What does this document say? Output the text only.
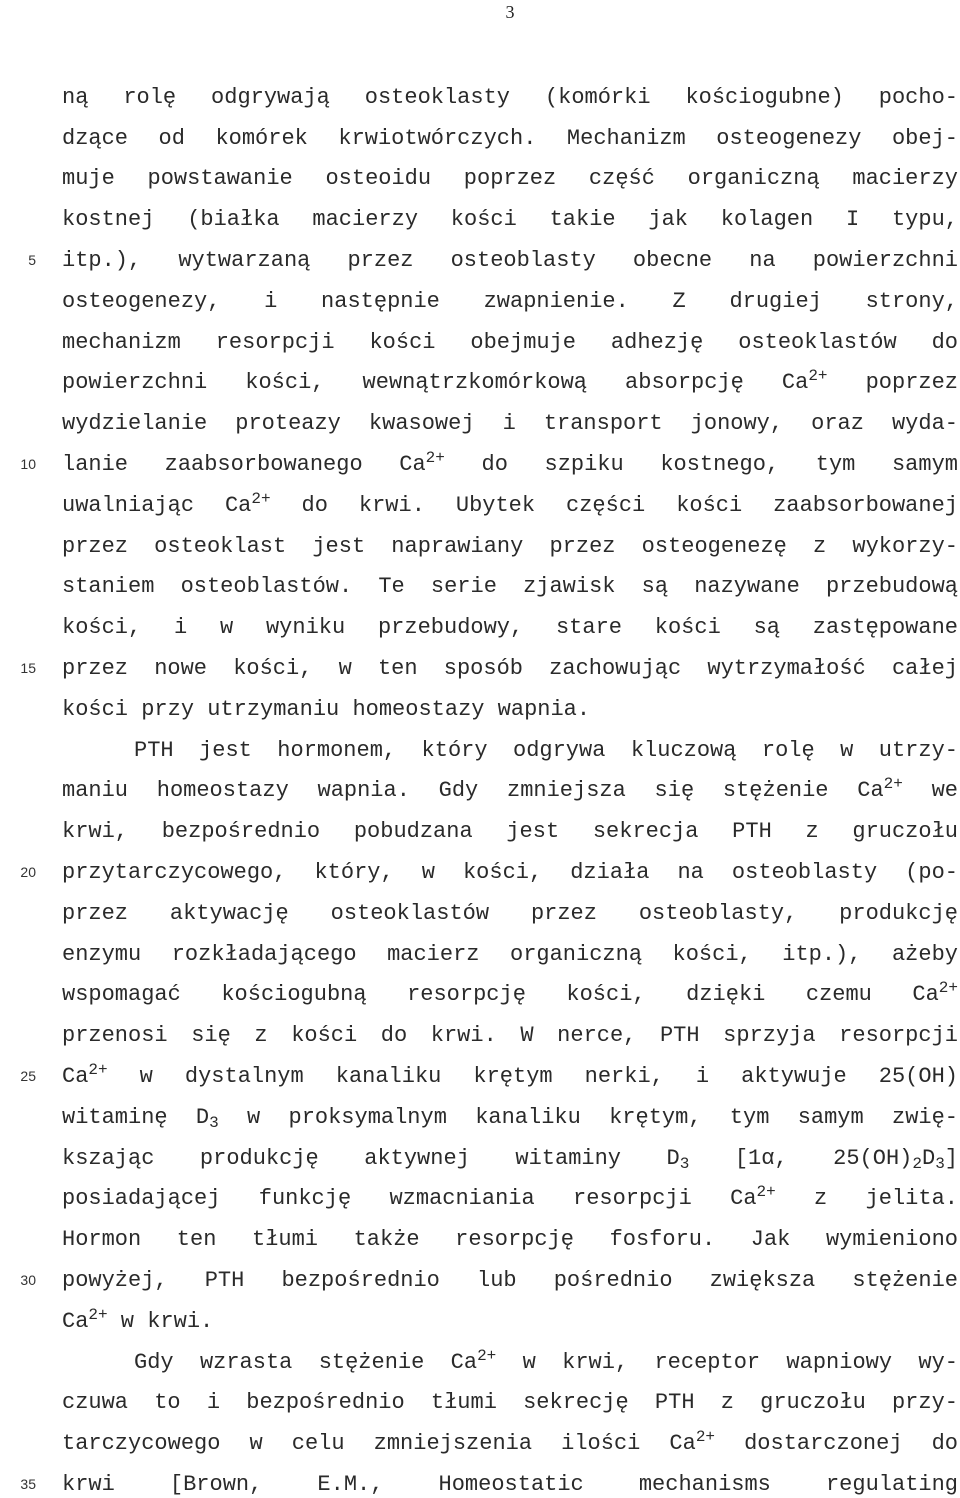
3
5
10
15
20
25
30
35
ną rolę odgrywają osteoklasty (komórki kościogubne) pocho-
dzące od komórek krwiotwórczych. Mechanizm osteogenezy obej-
muje powstawanie osteoidu poprzez część organiczną macierzy
kostnej (białka macierzy kości takie jak kolagen I typu,
itp.), wytwarzaną przez osteoblasty obecne na powierzchni
osteogenezy, i następnie zwapnienie. Z drugiej strony,
mechanizm resorpcji kości obejmuje adhezję osteoklastów do
powierzchni kości, wewnątrzkomórkową absorpcję $Ca^{2+}$ poprzez
wydzielanie proteazy kwasowej i transport jonowy, oraz wyda-
lanie zaabsorbowanego $Ca^{2+}$ do szpiku kostnego, tym samym
uwalniając $Ca^{2+}$ do krwi. Ubytek części kości zaabsorbowanej
przez osteoklast jest naprawiany przez osteogenezę z wykorzy-
staniem osteoblastów. Te serie zjawisk są nazywane przebudową
kości, i w wyniku przebudowy, stare kości są zastępowane
przez nowe kości, w ten sposób zachowując wytrzymałość całej
kości przy utrzymaniu homeostazy wapnia.
PTH jest hormonem, który odgrywa kluczową rolę w utrzy-
maniu homeostazy wapnia. Gdy zmniejsza się stężenie $Ca^{2+}$ we
krwi, bezpośrednio pobudzana jest sekrecja PTH z gruczołu
przytarczycowego, który, w kości, działa na osteoblasty (po-
przez aktywację osteoklastów przez osteoblasty, produkcję
enzymu rozkładającego macierz organiczną kości, itp.), ażeby
wspomagać kościogubną resorpcję kości, dzięki czemu $Ca^{2+}$
przenosi się z kości do krwi. W nerce, PTH sprzyja resorpcji
$Ca^{2+}$ w dystalnym kanaliku krętym nerki, i aktywuje 25(OH)
witaminę $D_3$ w proksymalnym kanaliku krętym, tym samym zwię-
kszając produkcję aktywnej witaminy $D_3$ [1α, $25(OH)_2D_3$]
posiadającej funkcję wzmacniania resorpcji $Ca^{2+}$ z jelita.
Hormon ten tłumi także resorpcję fosforu. Jak wymieniono
powyżej, PTH bezpośrednio lub pośrednio zwiększa stężenie
$Ca^{2+}$ w krwi.
Gdy wzrasta stężenie $Ca^{2+}$ w krwi, receptor wapniowy wy-
czuwa to i bezpośrednio tłumi sekrecję PTH z gruczołu przy-
tarczycowego w celu zmniejszenia ilości $Ca^{2+}$ dostarczonej do
krwi [Brown, E.M., Homeostatic mechanisms regulating
